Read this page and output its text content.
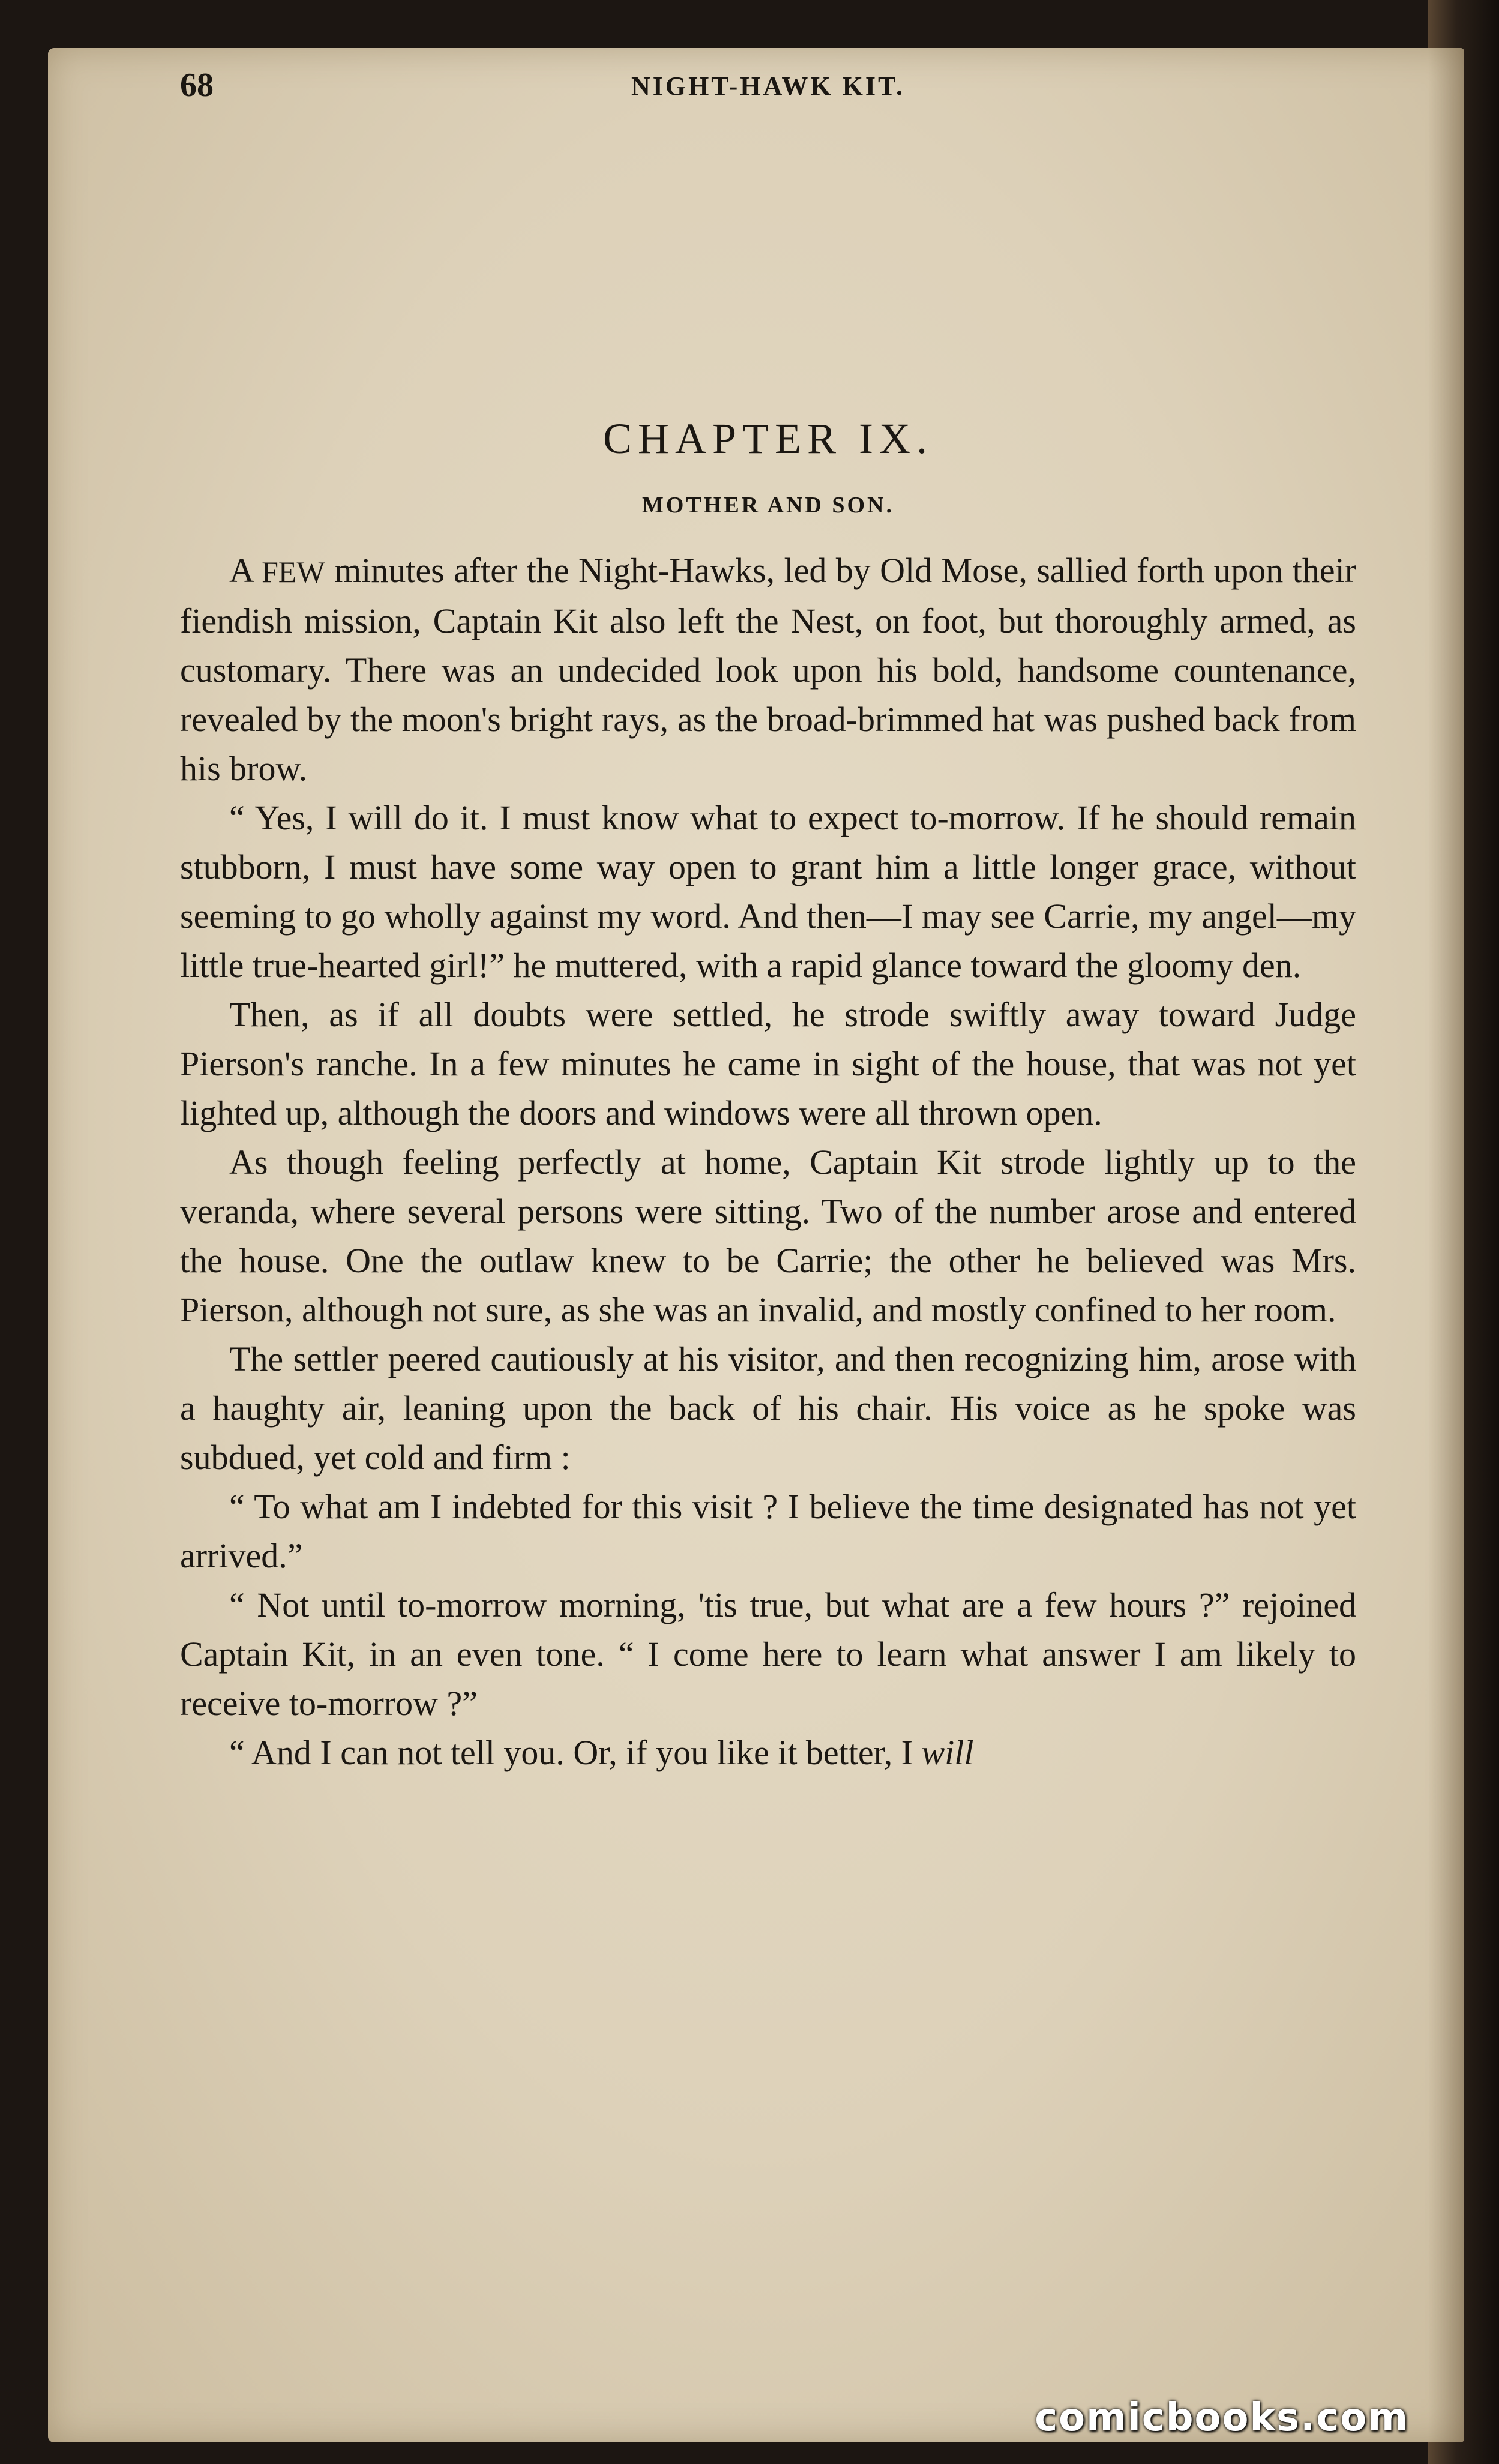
68	NIGHT-HAWK KIT.
CHAPTER IX.
MOTHER AND SON.

A FEW minutes after the Night-Hawks, led by Old Mose, sallied forth upon their fiendish mission, Captain Kit also left the Nest, on foot, but thoroughly armed, as customary. There was an undecided look upon his bold, handsome countenance, revealed by the moon's bright rays, as the broad-brimmed hat was pushed back from his brow.

“ Yes, I will do it. I must know what to expect to-morrow. If he should remain stubborn, I must have some way open to grant him a little longer grace, without seeming to go wholly against my word. And then—I may see Carrie, my angel—my little true-hearted girl!” he muttered, with a rapid glance toward the gloomy den.

Then, as if all doubts were settled, he strode swiftly away toward Judge Pierson's ranche. In a few minutes he came in sight of the house, that was not yet lighted up, although the doors and windows were all thrown open.

As though feeling perfectly at home, Captain Kit strode lightly up to the veranda, where several persons were sitting. Two of the number arose and entered the house. One the outlaw knew to be Carrie; the other he believed was Mrs. Pierson, although not sure, as she was an invalid, and mostly confined to her room.

The settler peered cautiously at his visitor, and then recognizing him, arose with a haughty air, leaning upon the back of his chair. His voice as he spoke was subdued, yet cold and firm :

“ To what am I indebted for this visit ? I believe the time designated has not yet arrived.”

“ Not until to-morrow morning, 'tis true, but what are a few hours ?” rejoined Captain Kit, in an even tone. “ I come here to learn what answer I am likely to receive to-morrow ?”

“ And I can not tell you. Or, if you like it better, I will

comicbooks.com
